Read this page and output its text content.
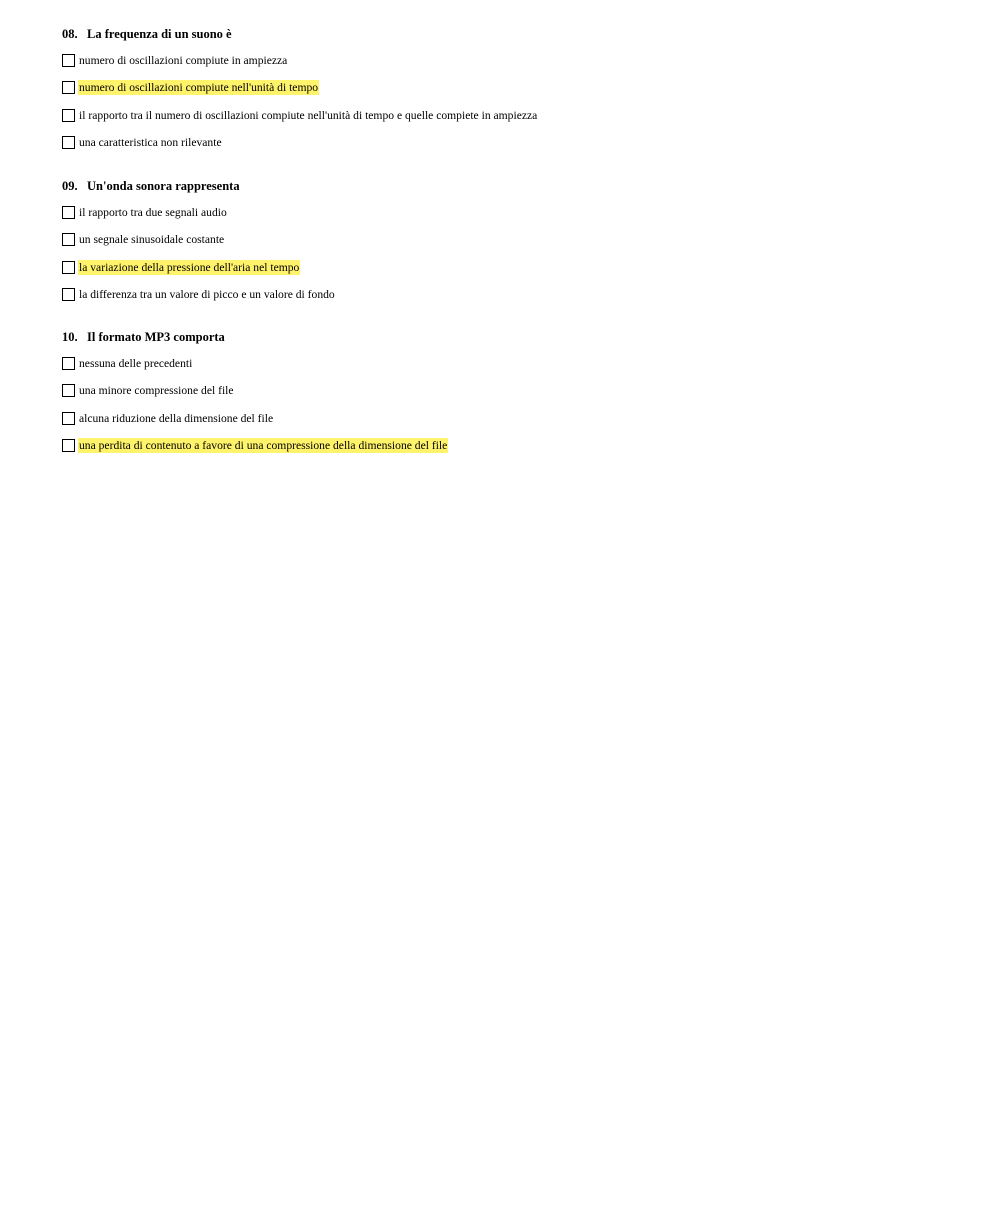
08. La frequenza di un suono è
numero di oscillazioni compiute in ampiezza
numero di oscillazioni compiute nell'unità di tempo
il rapporto tra il numero di oscillazioni compiute nell'unità di tempo e quelle compiete in ampiezza
una caratteristica non rilevante
09. Un'onda sonora rappresenta
il rapporto tra due segnali audio
un segnale sinusoidale costante
la variazione della pressione dell'aria nel tempo
la differenza tra un valore di picco e un valore di fondo
10. Il formato MP3 comporta
nessuna delle precedenti
una minore compressione del file
alcuna riduzione della dimensione del file
una perdita di contenuto a favore di una compressione della dimensione del file
